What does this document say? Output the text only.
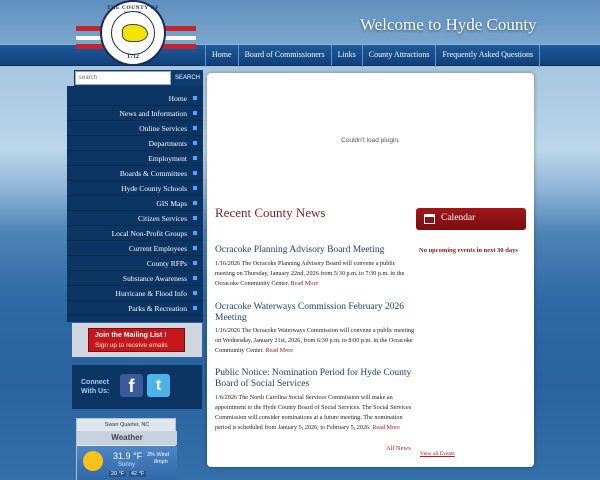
Welcome to Hyde County
Home	Board of Commissioners	Links	County Attractions	Frequently Asked Questions
THE COUNTY OF
1712
search
SEARCH
Home
News and Information
Online Services
Departments
Employment
Boards & Committees
Hyde County Schools
GIS Maps
Citizen Services
Local Non-Profit Groups
Current Employees
County RFPs
Substance Awareness
Hurricane & Flood Info
Parks & Recreation
Join the Mailing List !
Sign up to receive emails
Connect With Us:	f	t
Swan Quarter, NC
Weather
31.9 °F
Sunny
3% Wind
8mph
20 °F	42 °F
Couldn't load plugin.
Recent County News
Ocracoke Planning Advisory Board Meeting
1/16/2026 The Ocracoke Planning Advisory Board will convene a public meeting on Thursday, January 22nd, 2026 from 5:30 p.m. to 7:30 p.m. in the Ocracoke Community Center. Read More
Ocracoke Waterways Commission February 2026 Meeting
1/16/2026 The Ocracoke Waterways Commission will convene a public meeting on Wednesday, January 21st, 2026, from 6:30 p.m. to 8:00 p.m. in the Ocracoke Community Center. Read More
Public Notice: Nomination Period for Hyde County Board of Social Services
1/6/2026 The North Carolina Social Services Commission will make an appointment to the Hyde County Board of Social Services. The Social Services Commission will consider nominations at a future meeting. The nomination period is scheduled from January 5, 2026, to February 5, 2026. Read More
All News
Calendar
No upcoming events in next 30 days
View all Events
